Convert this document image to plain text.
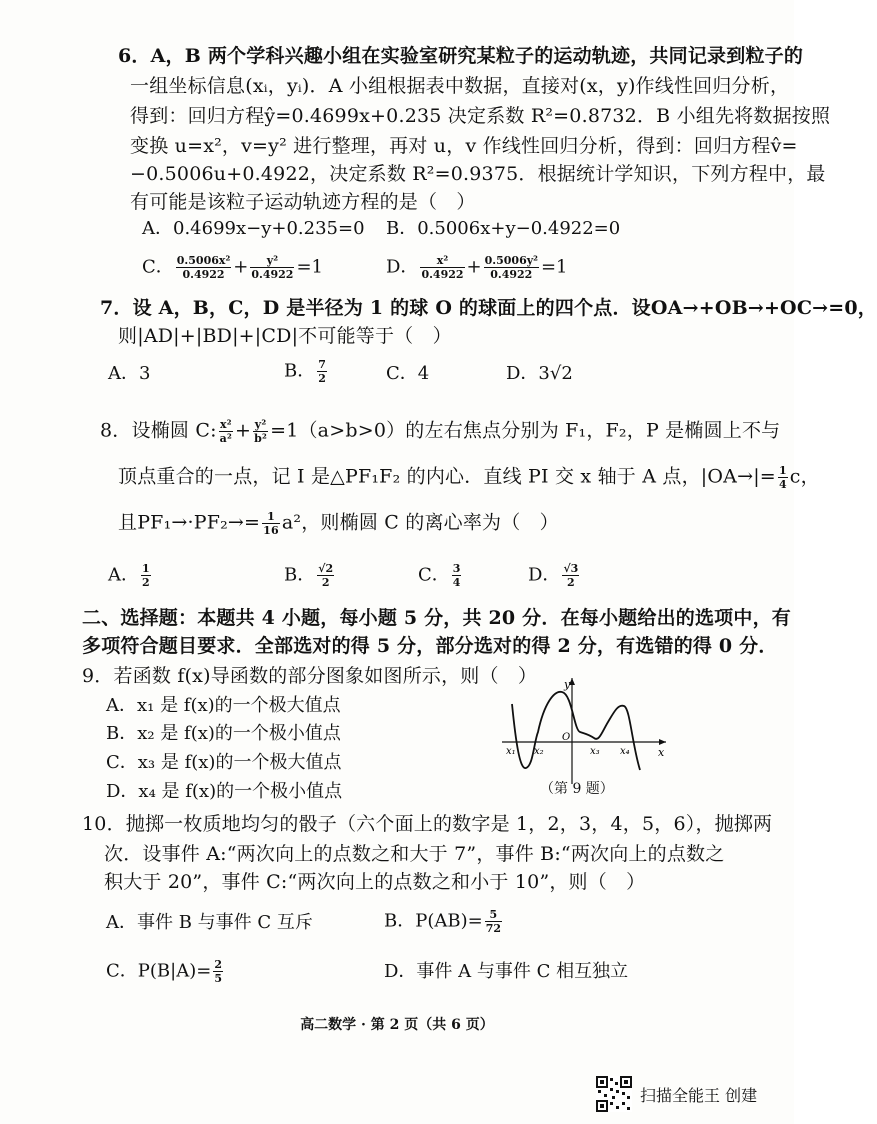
6．A，B 两个学科兴趣小组在实验室研究某粒子的运动轨迹，共同记录到粒子的
一组坐标信息(xᵢ，yᵢ)．A 小组根据表中数据，直接对(x，y)作线性回归分析，
得到：回归方程ŷ=0.4699x+0.235 决定系数 R²=0.8732．B 小组先将数据按照
变换 u=x²，v=y² 进行整理，再对 u，v 作线性回归分析，得到：回归方程v̂=
−0.5006u+0.4922，决定系数 R²=0.9375．根据统计学知识，下列方程中，最
有可能是该粒子运动轨迹方程的是（　）
A．0.4699x−y+0.235=0 B．0.5006x+y−0.4922=0
C． $\frac{\text{0.5006x²}}{0.4922} + \frac{\text{y²}}{0.4922} =1$	D． $\frac{\text{x²}}{0.4922} + \frac{\text{0.5006y²}}{0.4922} =1$
7．设 A，B，C，D 是半径为 1 的球 O 的球面上的四个点．设OA→+OB→+OC→=0，
则|AD|+|BD|+|CD|不可能等于（　）
A．3	B． $\frac{7}{2}$	C．4	D．3√2
8．设椭圆 C: $\frac{\text{x²}}{\text{a²}} + \frac{\text{y²}}{\text{b²}} =1(a>b>0)$的左右焦点分别为 F₁，F₂，P 是椭圆上不与
顶点重合的一点，记 I 是△PF₁F₂ 的内心．直线 PI 交 x 轴于 A 点，$|OA\to|= \frac{1}{4}$ c，
且$PF_1\to\cdot PF_2\to= \frac{1}{16} a^2$，则椭圆 C 的离心率为（　）
A． $\frac{1}{2}$	B． $\frac{√2}{2}$	C． $\frac{3}{4}$	D． $\frac{√3}{2}$
二、选择题：本题共 4 小题，每小题 5 分，共 20 分．在每小题给出的选项中，有
多项符合题目要求．全部选对的得 5 分，部分选对的得 2 分，有选错的得 0 分．
9．若函数 f(x)导函数的部分图象如图所示，则（　）
A．x₁ 是 f(x)的一个极大值点
B．x₂ 是 f(x)的一个极小值点
C．x₃ 是 f(x)的一个极大值点
D．x₄ 是 f(x)的一个极小值点
y
x
O
x₁ x₂	x₃ x₄
（第 9 题）
10．抛掷一枚质地均匀的骰子（六个面上的数字是 1，2，3，4，5，6），抛掷两
次．设事件 A:“两次向上的点数之和大于 7”，事件 B:“两次向上的点数之
积大于 20”，事件 C:“两次向上的点数之和小于 10”，则（　）
A．事件 B 与事件 C 互斥	B．$P(AB)= \frac{5}{72}$
C．$P(B|A)= \frac{2}{5}$	D．事件 A 与事件 C 相互独立
高二数学 · 第 2 页（共 6 页）
扫描全能王 创建
